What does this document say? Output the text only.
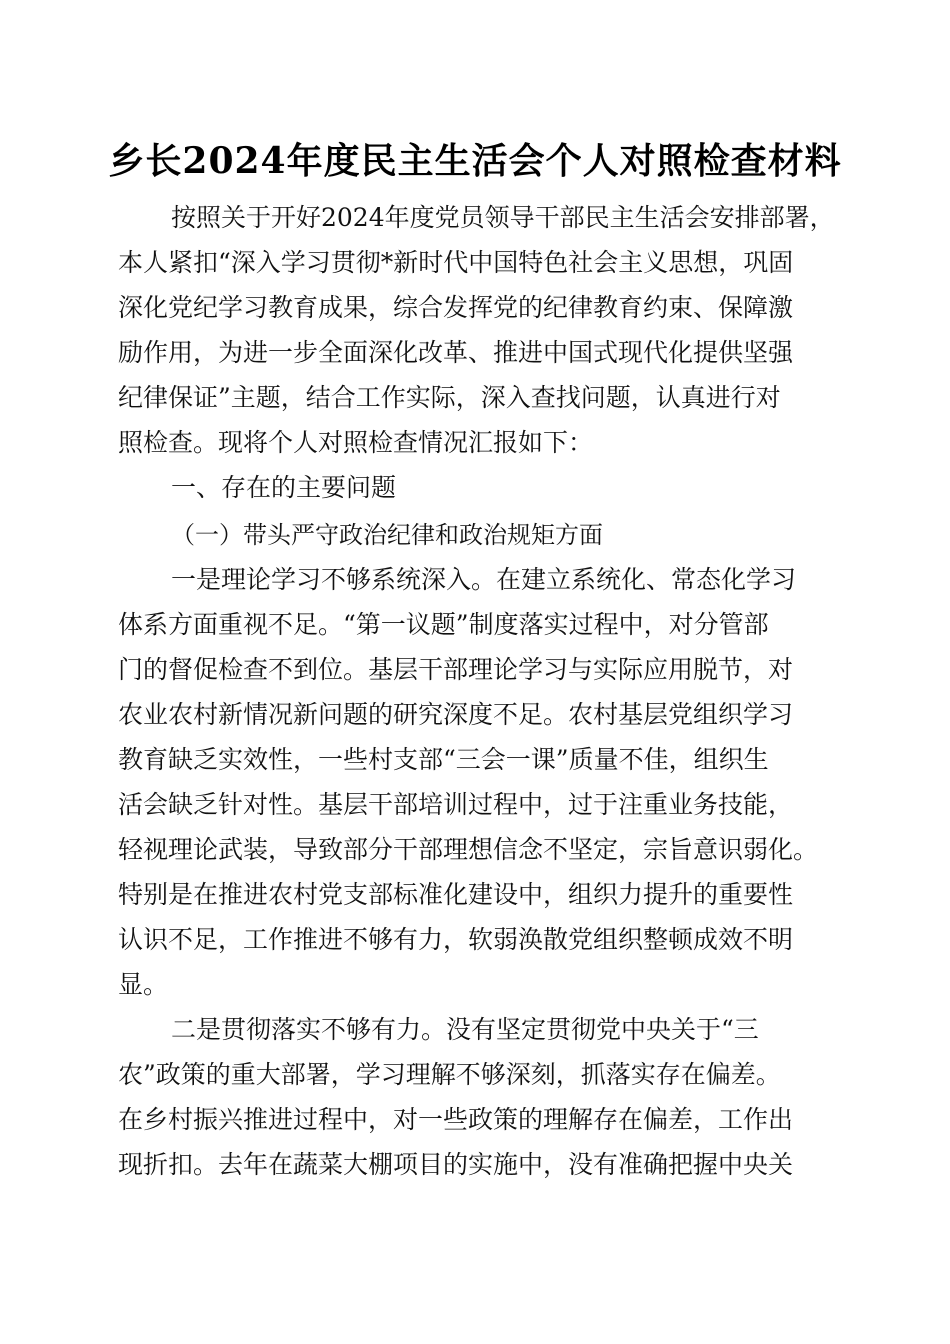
乡长2024年度民主生活会个人对照检查材料
按照关于开好2024年度党员领导干部民主生活会安排部署，
本人紧扣“深入学习贯彻*新时代中国特色社会主义思想，巩固
深化党纪学习教育成果，综合发挥党的纪律教育约束、保障激
励作用，为进一步全面深化改革、推进中国式现代化提供坚强
纪律保证”主题，结合工作实际，深入查找问题，认真进行对
照检查。现将个人对照检查情况汇报如下：
一、存在的主要问题
（一）带头严守政治纪律和政治规矩方面
一是理论学习不够系统深入。在建立系统化、常态化学习
体系方面重视不足。“第一议题”制度落实过程中，对分管部
门的督促检查不到位。基层干部理论学习与实际应用脱节，对
农业农村新情况新问题的研究深度不足。农村基层党组织学习
教育缺乏实效性，一些村支部“三会一课”质量不佳，组织生
活会缺乏针对性。基层干部培训过程中，过于注重业务技能，
轻视理论武装，导致部分干部理想信念不坚定，宗旨意识弱化。
特别是在推进农村党支部标准化建设中，组织力提升的重要性
认识不足，工作推进不够有力，软弱涣散党组织整顿成效不明
显。
二是贯彻落实不够有力。没有坚定贯彻党中央关于“三
农”政策的重大部署，学习理解不够深刻，抓落实存在偏差。
在乡村振兴推进过程中，对一些政策的理解存在偏差，工作出
现折扣。去年在蔬菜大棚项目的实施中，没有准确把握中央关
